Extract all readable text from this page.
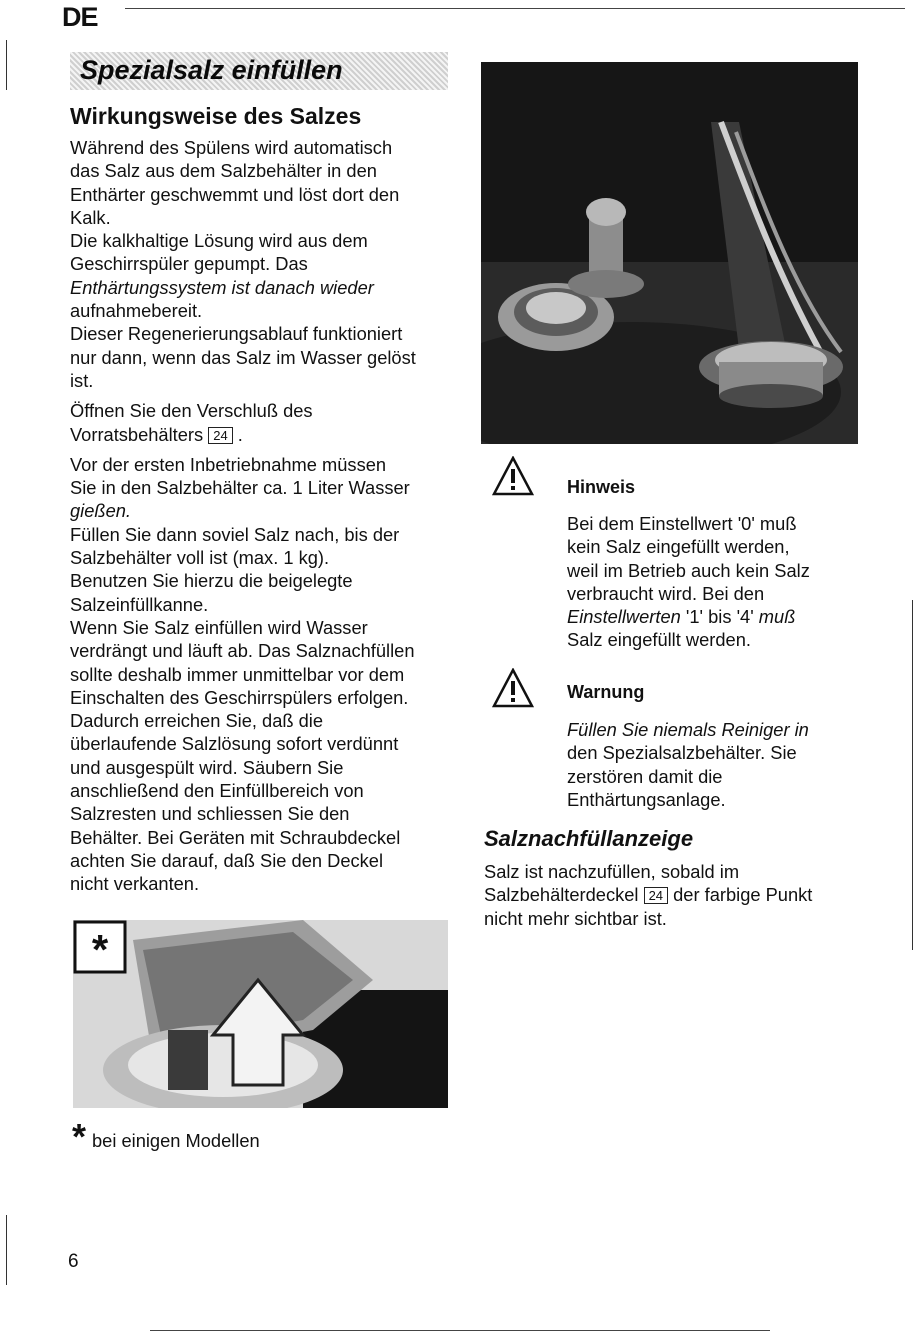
DE
Spezialsalz einfüllen
Wirkungsweise des Salzes

Während des Spülens wird automatisch
das Salz aus dem Salzbehälter in den
Enthärter geschwemmt und löst dort den
Kalk.

Die kalkhaltige Lösung wird aus dem
Geschirrspüler gepumpt. Das
Enthärtungssystem ist danach wieder
aufnahmebereit.

Dieser Regenerierungsablauf funktioniert
nur dann, wenn das Salz im Wasser gelöst
ist.

Öffnen Sie den Verschluß des
Vorratsbehälters 24 .

Vor der ersten Inbetriebnahme müssen
Sie in den Salzbehälter ca. 1 Liter Wasser
gießen.

Füllen Sie dann soviel Salz nach, bis der
Salzbehälter voll ist (max. 1 kg).

Benutzen Sie hierzu die beigelegte
Salzeinfüllkanne.

Wenn Sie Salz einfüllen wird Wasser
verdrängt und läuft ab. Das Salznachfüllen
sollte deshalb immer unmittelbar vor dem
Einschalten des Geschirrspülers erfolgen.
Dadurch erreichen Sie, daß die
überlaufende Salzlösung sofort verdünnt
und ausgespült wird. Säubern Sie
anschließend den Einfüllbereich von
Salzresten und schliessen Sie den
Behälter. Bei Geräten mit Schraubdeckel
achten Sie darauf, daß Sie den Deckel
nicht verkanten.

Hinweis

Bei dem Einstellwert '0' muß
kein Salz eingefüllt werden,
weil im Betrieb auch kein Salz
verbraucht wird. Bei den
Einstellwerten '1' bis '4' muß
Salz eingefüllt werden.

Warnung

Füllen Sie niemals Reiniger in
den Spezialsalzbehälter. Sie
zerstören damit die
Enthärtungsanlage.

Salznachfüllanzeige

Salz ist nachzufüllen, sobald im
Salzbehälterdeckel 24 der farbige Punkt
nicht mehr sichtbar ist.

*
* bei einigen Modellen
6
